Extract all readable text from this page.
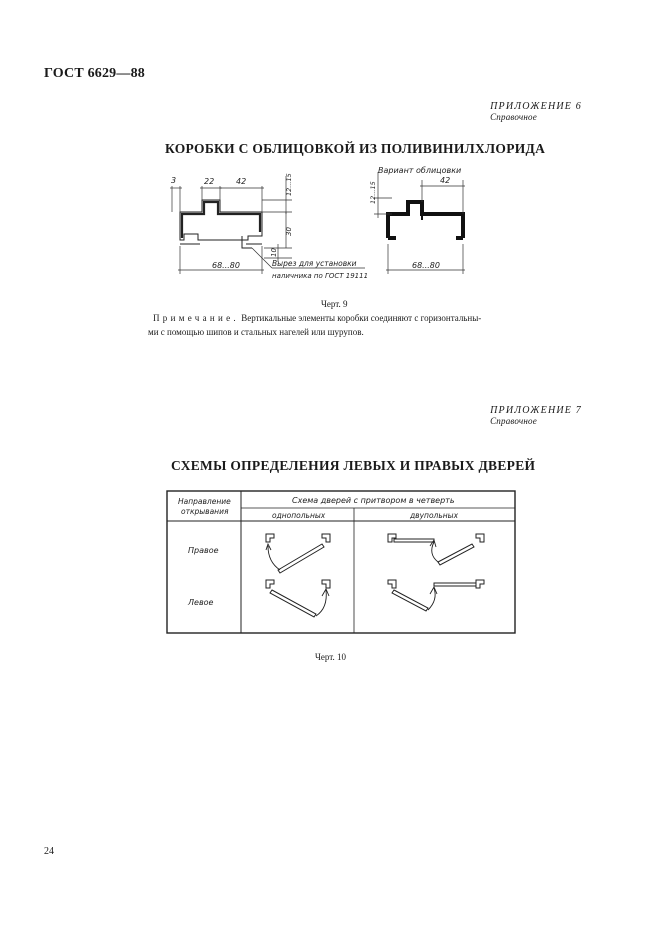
ГОСТ 6629—88
ПРИЛОЖЕНИЕ 6
Справочное
КОРОБКИ С ОБЛИЦОВКОЙ ИЗ ПОЛИВИНИЛХЛОРИДА
3	22	42	12...15
30
10
68...80	Вырез для установки
наличника по ГОСТ 19111
Вариант облицовки
12...15
42
68...80
Черт. 9
Примечание. Вертикальные элементы коробки соединяют с горизонтальны-
ми с помощью шипов и стальных нагелей или шурупов.
ПРИЛОЖЕНИЕ 7
Справочное
СХЕМЫ ОПРЕДЕЛЕНИЯ ЛЕВЫХ И ПРАВЫХ ДВЕРЕЙ
Направление
открывания
Схема дверей с притвором в четверть
однопольных	двупольных
Правое
Левое
Черт. 10
24
